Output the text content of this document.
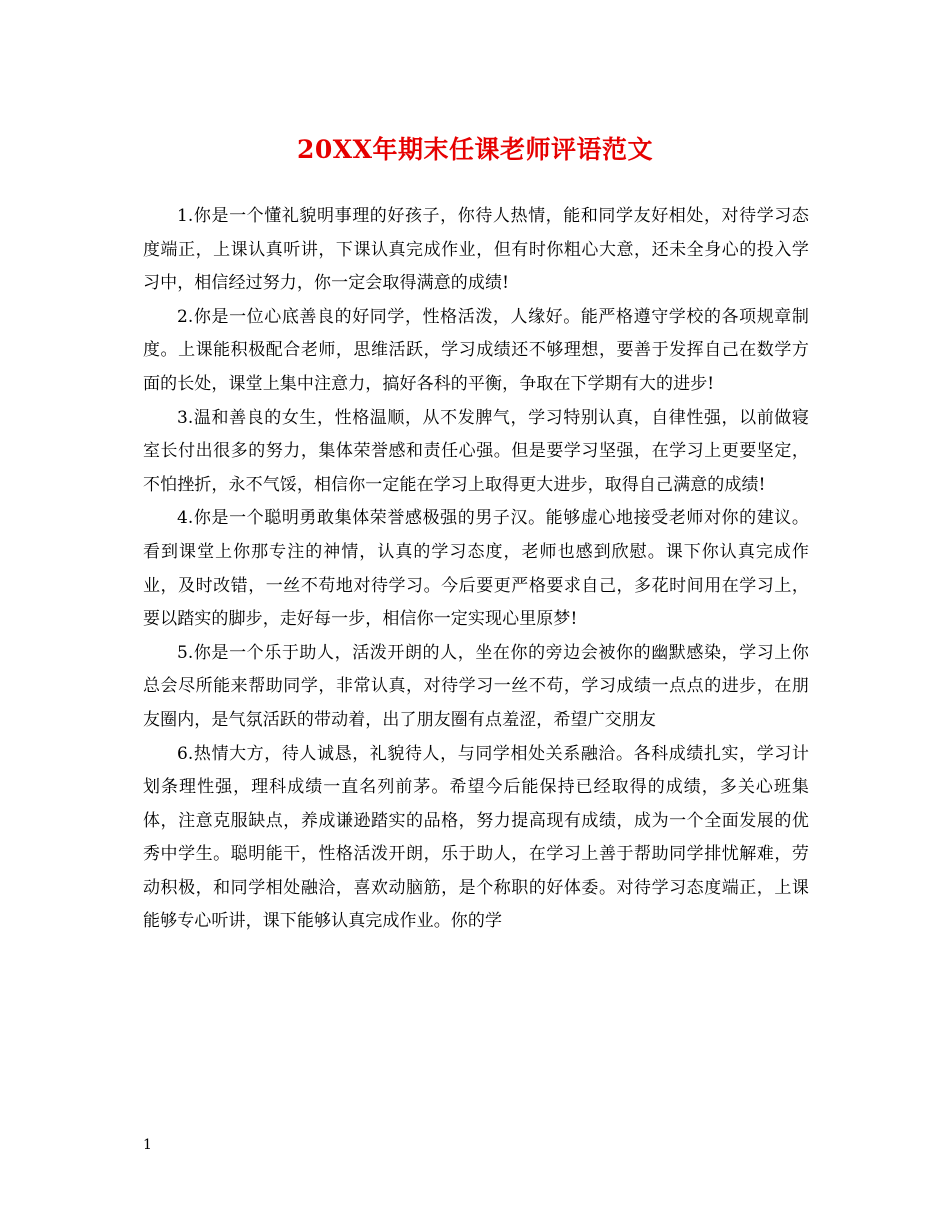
20XX年期末任课老师评语范文

1.你是一个懂礼貌明事理的好孩子，你待人热情，能和同学友好相处，对待学习态度端正，上课认真听讲，下课认真完成作业，但有时你粗心大意，还未全身心的投入学习中，相信经过努力，你一定会取得满意的成绩!

2.你是一位心底善良的好同学，性格活泼，人缘好。能严格遵守学校的各项规章制度。上课能积极配合老师，思维活跃，学习成绩还不够理想，要善于发挥自己在数学方面的长处，课堂上集中注意力，搞好各科的平衡，争取在下学期有大的进步!

3.温和善良的女生，性格温顺，从不发脾气，学习特别认真，自律性强，以前做寝室长付出很多的努力，集体荣誉感和责任心强。但是要学习坚强，在学习上更要坚定，不怕挫折，永不气馁，相信你一定能在学习上取得更大进步，取得自己满意的成绩!

4.你是一个聪明勇敢集体荣誉感极强的男子汉。能够虚心地接受老师对你的建议。看到课堂上你那专注的神情，认真的学习态度，老师也感到欣慰。课下你认真完成作业，及时改错，一丝不苟地对待学习。今后要更严格要求自己，多花时间用在学习上，要以踏实的脚步，走好每一步，相信你一定实现心里原梦!

5.你是一个乐于助人，活泼开朗的人，坐在你的旁边会被你的幽默感染，学习上你总会尽所能来帮助同学，非常认真，对待学习一丝不苟，学习成绩一点点的进步，在朋友圈内，是气氛活跃的带动着，出了朋友圈有点羞涩，希望广交朋友

6.热情大方，待人诚恳，礼貌待人，与同学相处关系融洽。各科成绩扎实，学习计划条理性强，理科成绩一直名列前茅。希望今后能保持已经取得的成绩，多关心班集体，注意克服缺点，养成谦逊踏实的品格，努力提高现有成绩，成为一个全面发展的优秀中学生。聪明能干，性格活泼开朗，乐于助人，在学习上善于帮助同学排忧解难，劳动积极，和同学相处融洽，喜欢动脑筋，是个称职的好体委。对待学习态度端正，上课能够专心听讲，课下能够认真完成作业。你的学

1
